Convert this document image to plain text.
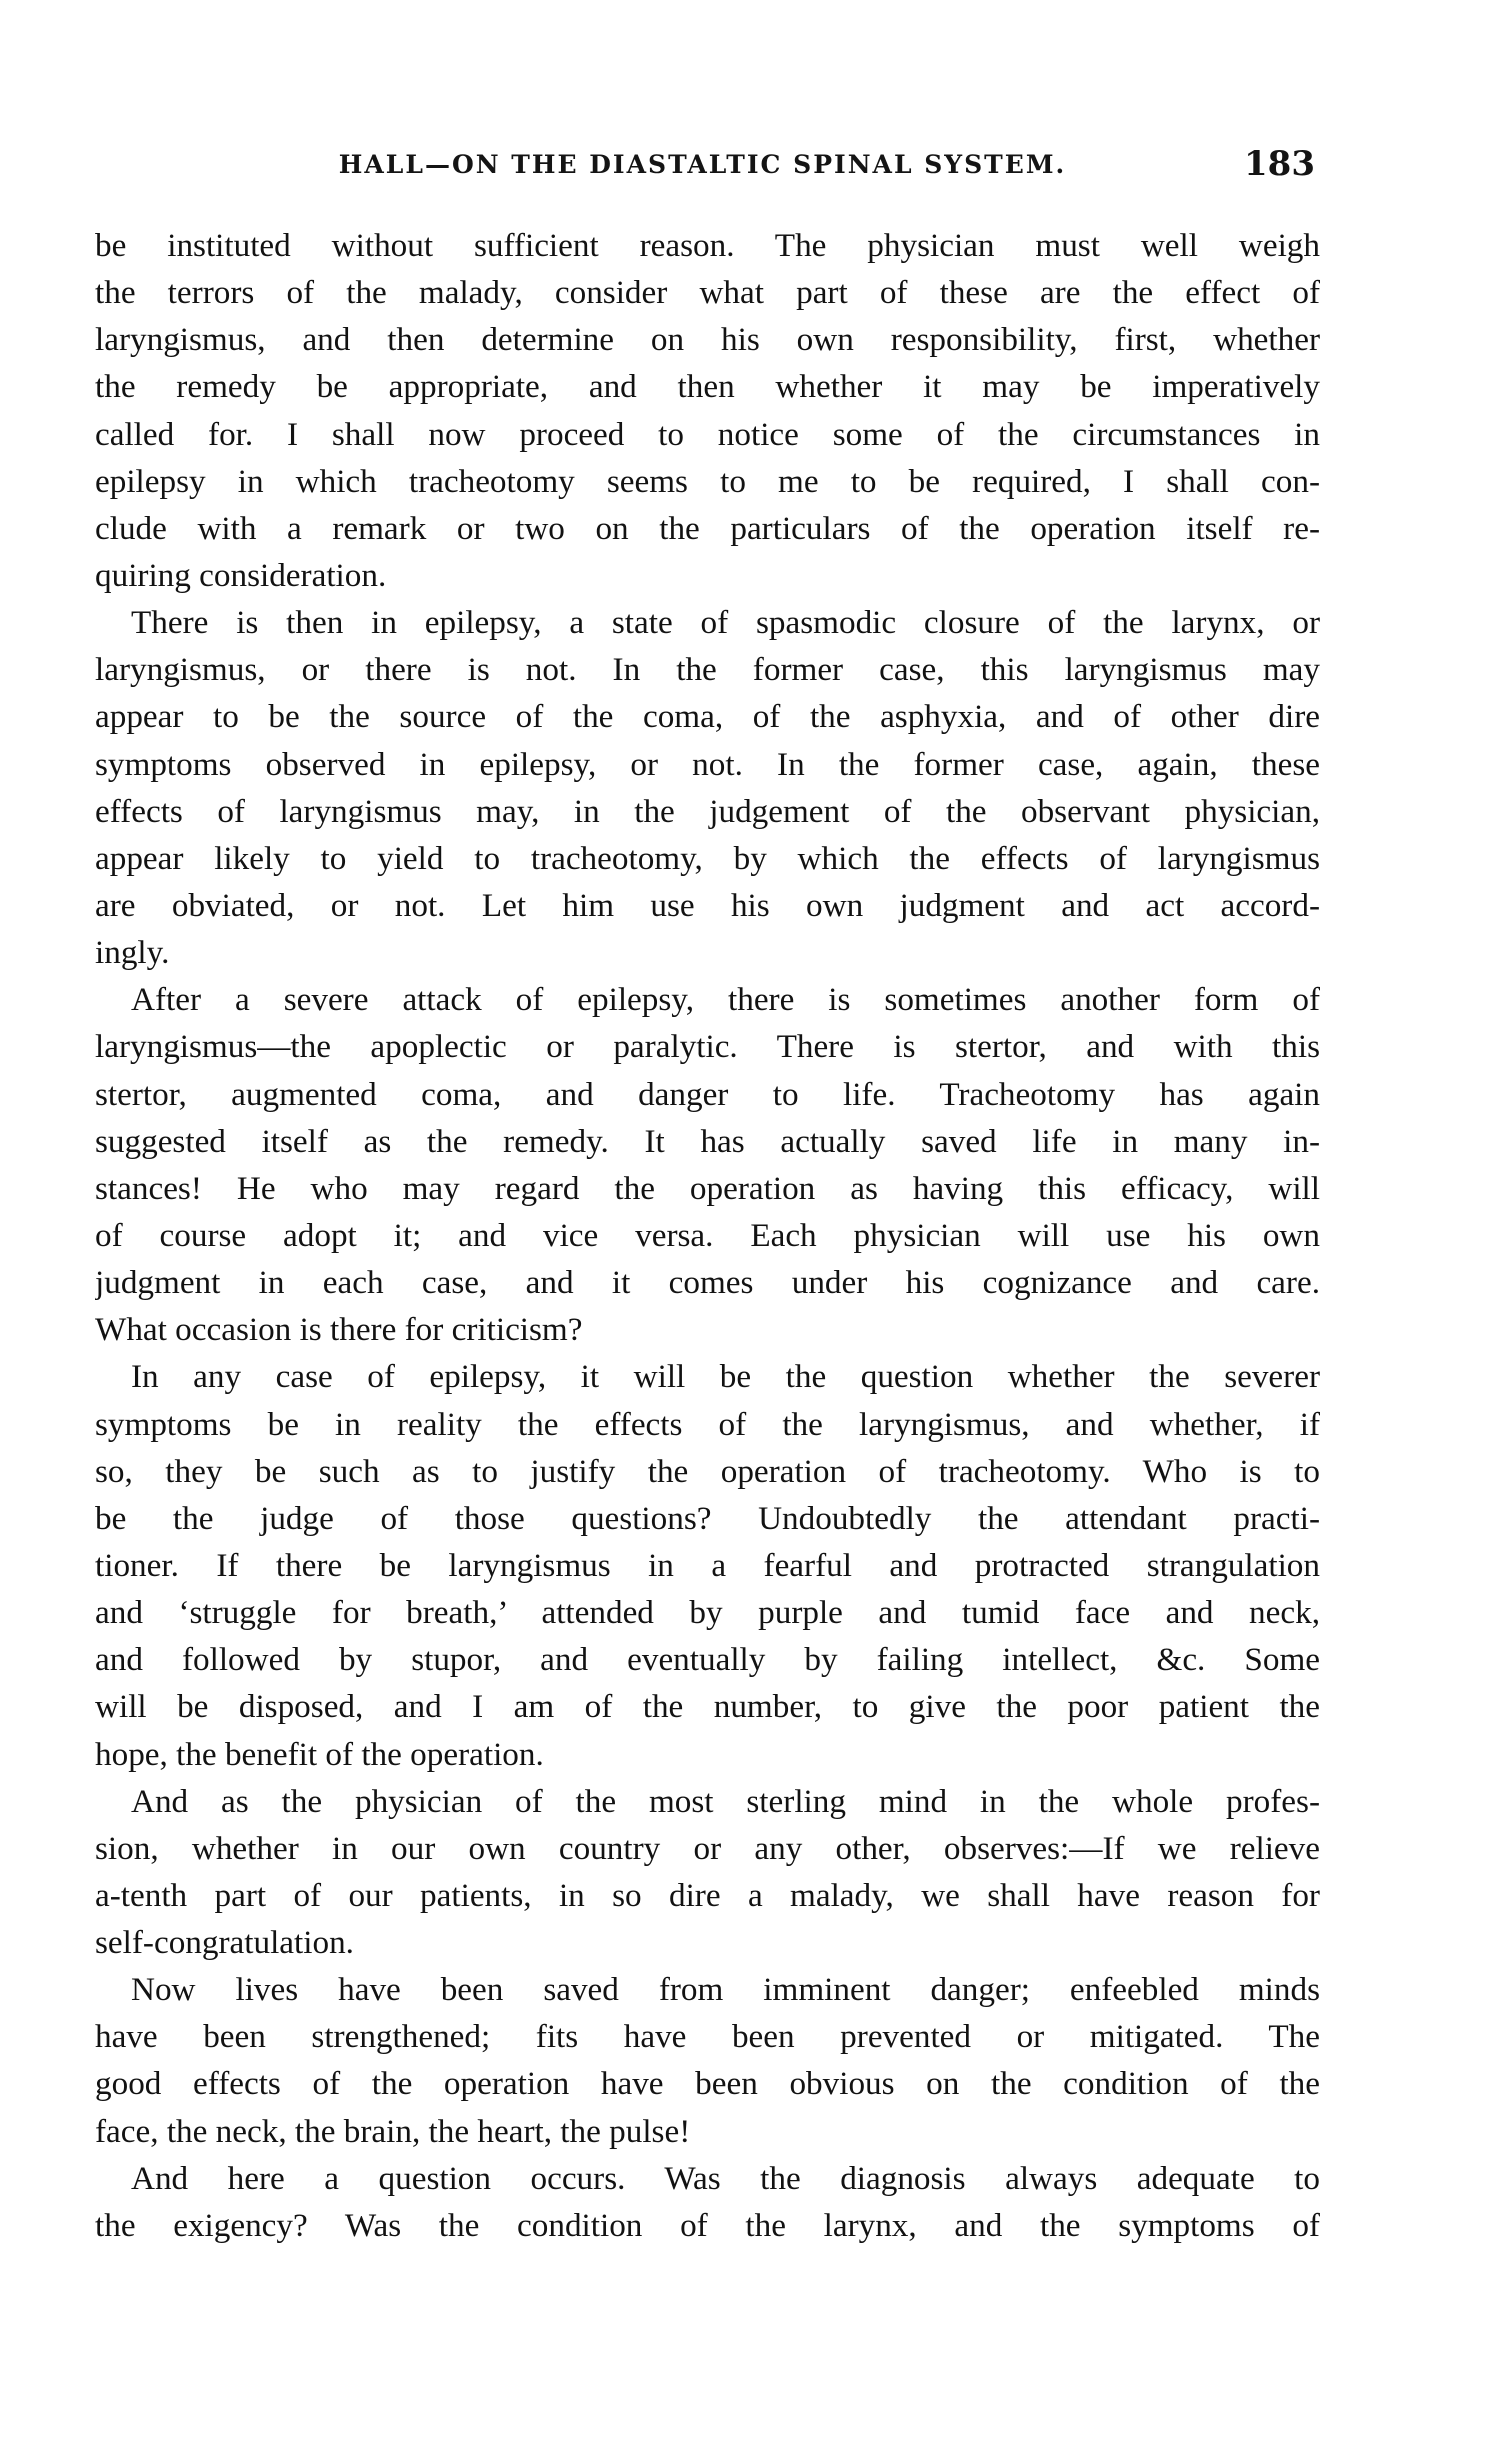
HALL—ON THE DIASTALTIC SPINAL SYSTEM.	183
be instituted without sufficient reason. The physician must well weigh
the terrors of the malady, consider what part of these are the effect of
laryngismus, and then determine on his own responsibility, first, whether
the remedy be appropriate, and then whether it may be imperatively
called for. I shall now proceed to notice some of the circumstances in
epilepsy in which tracheotomy seems to me to be required, I shall con-
clude with a remark or two on the particulars of the operation itself re-
quiring consideration.
There is then in epilepsy, a state of spasmodic closure of the larynx, or
laryngismus, or there is not. In the former case, this laryngismus may
appear to be the source of the coma, of the asphyxia, and of other dire
symptoms observed in epilepsy, or not. In the former case, again, these
effects of laryngismus may, in the judgement of the observant physician,
appear likely to yield to tracheotomy, by which the effects of laryngismus
are obviated, or not. Let him use his own judgment and act accord-
ingly.
After a severe attack of epilepsy, there is sometimes another form of
laryngismus—the apoplectic or paralytic. There is stertor, and with this
stertor, augmented coma, and danger to life. Tracheotomy has again
suggested itself as the remedy. It has actually saved life in many in-
stances! He who may regard the operation as having this efficacy, will
of course adopt it; and vice versa. Each physician will use his own
judgment in each case, and it comes under his cognizance and care.
What occasion is there for criticism?
In any case of epilepsy, it will be the question whether the severer
symptoms be in reality the effects of the laryngismus, and whether, if
so, they be such as to justify the operation of tracheotomy. Who is to
be the judge of those questions? Undoubtedly the attendant practi-
tioner. If there be laryngismus in a fearful and protracted strangulation
and ‘struggle for breath,’ attended by purple and tumid face and neck,
and followed by stupor, and eventually by failing intellect, &c. Some
will be disposed, and I am of the number, to give the poor patient the
hope, the benefit of the operation.
And as the physician of the most sterling mind in the whole profes-
sion, whether in our own country or any other, observes:—If we relieve
a-tenth part of our patients, in so dire a malady, we shall have reason for
self-congratulation.
Now lives have been saved from imminent danger; enfeebled minds
have been strengthened; fits have been prevented or mitigated. The
good effects of the operation have been obvious on the condition of the
face, the neck, the brain, the heart, the pulse!
And here a question occurs. Was the diagnosis always adequate to
the exigency? Was the condition of the larynx, and the symptoms of
